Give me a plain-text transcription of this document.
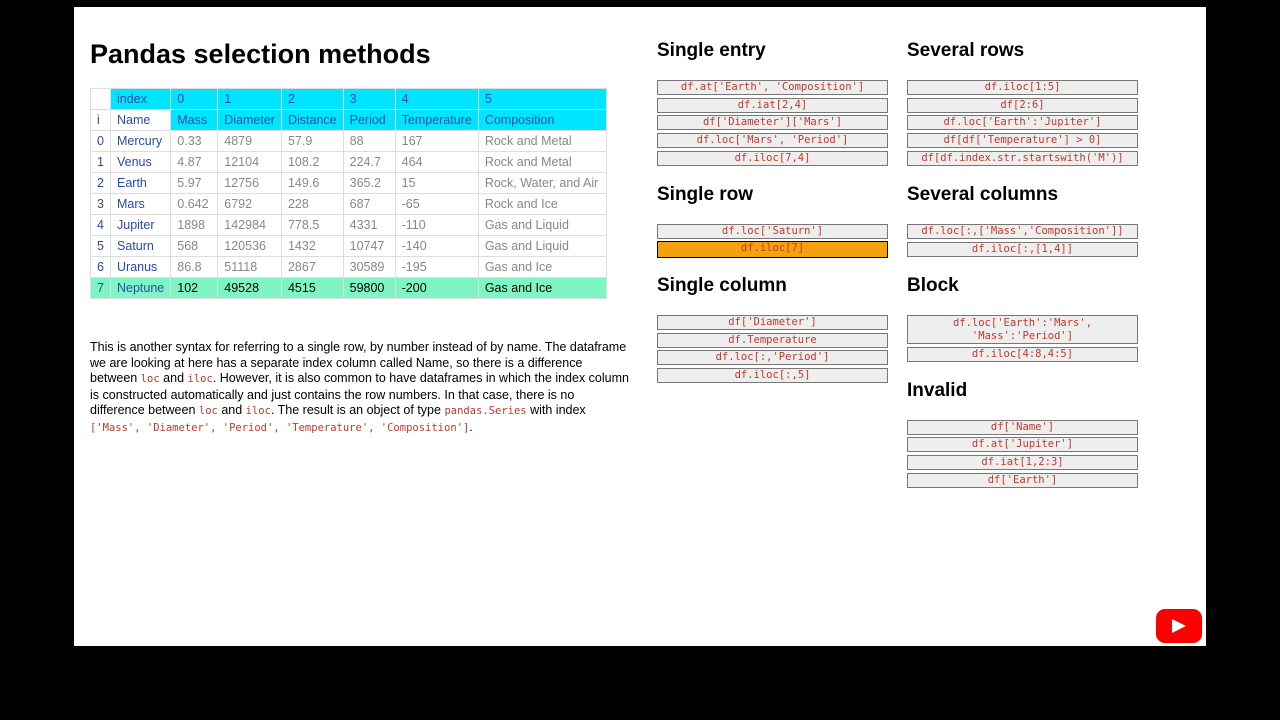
Pandas selection methods
	index	0	1	2	3	4	5
i	Name	Mass	Diameter	Distance	Period	Temperature	Composition
0	Mercury	0.33	4879	57.9	88	167	Rock and Metal
1	Venus	4.87	12104	108.2	224.7	464	Rock and Metal
2	Earth	5.97	12756	149.6	365.2	15	Rock, Water, and Air
3	Mars	0.642	6792	228	687	-65	Rock and Ice
4	Jupiter	1898	142984	778.5	4331	-110	Gas and Liquid
5	Saturn	568	120536	1432	10747	-140	Gas and Liquid
6	Uranus	86.8	51118	2867	30589	-195	Gas and Ice
7	Neptune	102	49528	4515	59800	-200	Gas and Ice
This is another syntax for referring to a single row, by number instead of by name. The dataframe we are looking at here has a separate index column called Name, so there is a difference between loc and iloc. However, it is also common to have dataframes in which the index column is constructed automatically and just contains the row numbers. In that case, there is no difference between loc and iloc. The result is an object of type pandas.Series with index ['Mass', 'Diameter', 'Period', 'Temperature', 'Composition'].
Single entry
df.at['Earth', 'Composition']
df.iat[2,4]
df['Diameter']['Mars']
df.loc['Mars', 'Period']
df.iloc[7,4]
Single row
df.loc['Saturn']
df.iloc[7]
Single column
df['Diameter']
df.Temperature
df.loc[:,'Period']
df.iloc[:,5]
Several rows
df.iloc[1:5]
df[2:6]
df.loc['Earth':'Jupiter']
df[df['Temperature'] > 0]
df[df.index.str.startswith('M')]
Several columns
df.loc[:,['Mass','Composition']]
df.iloc[:,[1,4]]
Block
df.loc['Earth':'Mars', 'Mass':'Period']
df.iloc[4:8,4:5]
Invalid
df['Name']
df.at['Jupiter']
df.iat[1,2:3]
df['Earth']
